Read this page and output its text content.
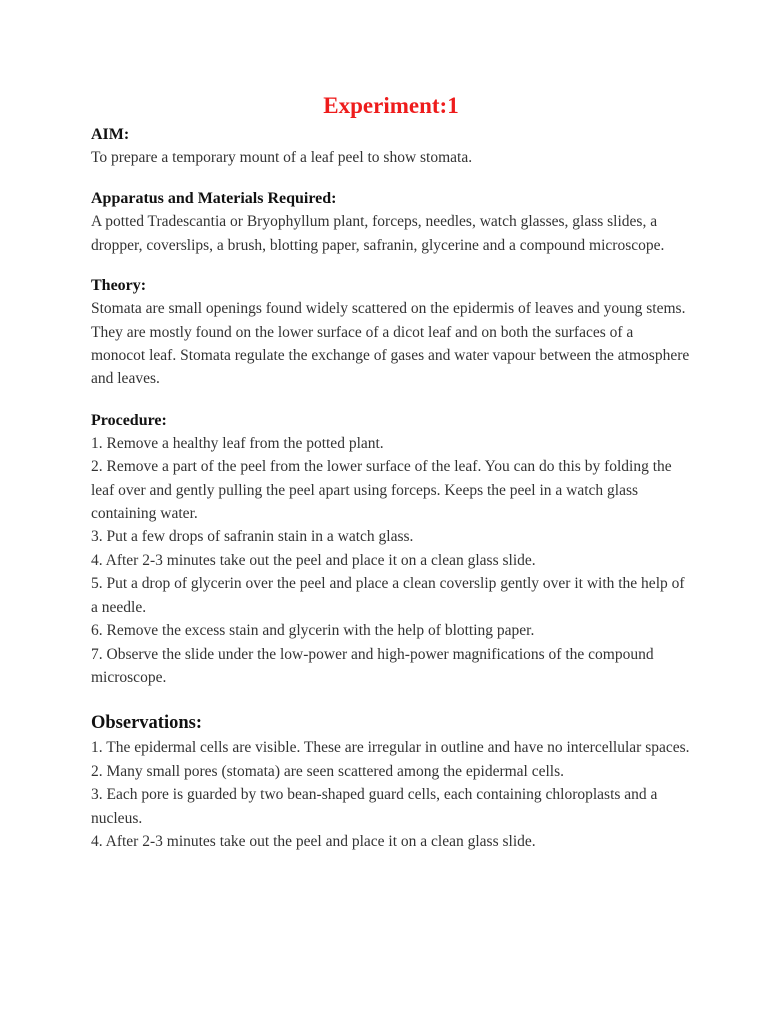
Experiment:1

AIM:

To prepare a temporary mount of a leaf peel to show stomata.

Apparatus and Materials Required:

A potted Tradescantia or Bryophyllum plant, forceps, needles, watch glasses, glass slides, a dropper, coverslips, a brush, blotting paper, safranin, glycerine and a compound microscope.

Theory:

Stomata are small openings found widely scattered on the epidermis of leaves and young stems. They are mostly found on the lower surface of a dicot leaf and on both the surfaces of a monocot leaf. Stomata regulate the exchange of gases and water vapour between the atmosphere and leaves.

Procedure:

1. Remove a healthy leaf from the potted plant.

2. Remove a part of the peel from the lower surface of the leaf. You can do this by folding the leaf over and gently pulling the peel apart using forceps. Keeps the peel in a watch glass containing water.

3. Put a few drops of safranin stain in a watch glass.

4. After 2-3 minutes take out the peel and place it on a clean glass slide.

5. Put a drop of glycerin over the peel and place a clean coverslip gently over it with the help of a needle.

6. Remove the excess stain and glycerin with the help of blotting paper.

7. Observe the slide under the low-power and high-power magnifications of the compound microscope.

Observations:

1. The epidermal cells are visible. These are irregular in outline and have no intercellular spaces.

2. Many small pores (stomata) are seen scattered among the epidermal cells.

3. Each pore is guarded by two bean-shaped guard cells, each containing chloroplasts and a nucleus.

4. After 2-3 minutes take out the peel and place it on a clean glass slide.
